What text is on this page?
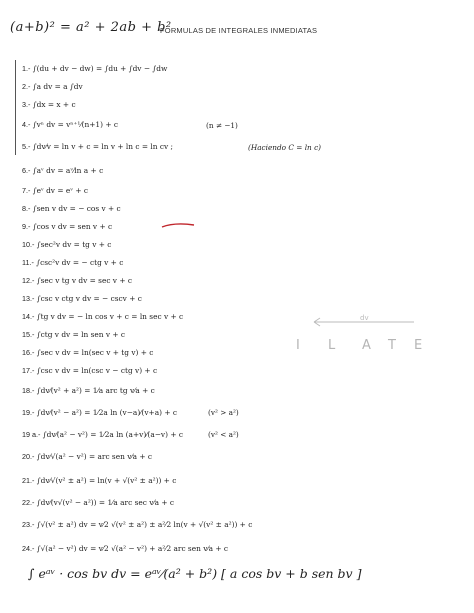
(a+b)² = a² + 2ab + b²
FORMULAS DE INTEGRALES INMEDIATAS
1.- ∫(du + dv − dw) = ∫du + ∫dv − ∫dw
2.- ∫a dv = a ∫dv
3.- ∫dx = x + c
4.- ∫vⁿ dv = vⁿ⁺¹⁄(n+1) + c
5.- ∫dv⁄v = ln v + c = ln v + ln c = ln cv ;
6.- ∫aᵛ dv = aᵛ⁄ln a + c
7.- ∫eᵛ dv = eᵛ + c
8.- ∫sen v dv = − cos v + c
9.- ∫cos v dv = sen v + c
10.- ∫sec²v dv = tg v + c
11.- ∫csc²v dv = − ctg v + c
12.- ∫sec v tg v dv = sec v + c
13.- ∫csc v ctg v dv = − cscv + c
14.- ∫tg v dv = − ln cos v + c = ln sec v + c
15.- ∫ctg v dv = ln sen v + c
16.- ∫sec v dv = ln(sec v + tg v) + c
17.- ∫csc v dv = ln(csc v − ctg v) + c
18.- ∫dv⁄(v² + a²) = 1⁄a arc tg v⁄a + c
19.- ∫dv⁄(v² − a²) = 1⁄2a ln (v−a)⁄(v+a) + c
19 a.- ∫dv⁄(a² − v²) = 1⁄2a ln (a+v)⁄(a−v) + c
20.- ∫dv⁄√(a² − v²) = arc sen v⁄a + c
21.- ∫dv⁄√(v² ± a²) = ln(v + √(v² ± a²)) + c
22.- ∫dv⁄(v√(v² − a²)) = 1⁄a arc sec v⁄a + c
23.- ∫√(v² ± a²) dv = v⁄2 √(v² ± a²) ± a²⁄2 ln(v + √(v² ± a²)) + c
24.- ∫√(a² − v²) dv = v⁄2 √(a² − v²) + a²⁄2 arc sen v⁄a + c
(n ≠ −1)
(Haciendo C = ln c)
(v² > a²)
(v² < a²)
dv
I L A T E
∫ eᵃᵛ · cos bv dv = eᵃᵛ⁄(a² + b²) [ a cos bv + b sen bv ]
